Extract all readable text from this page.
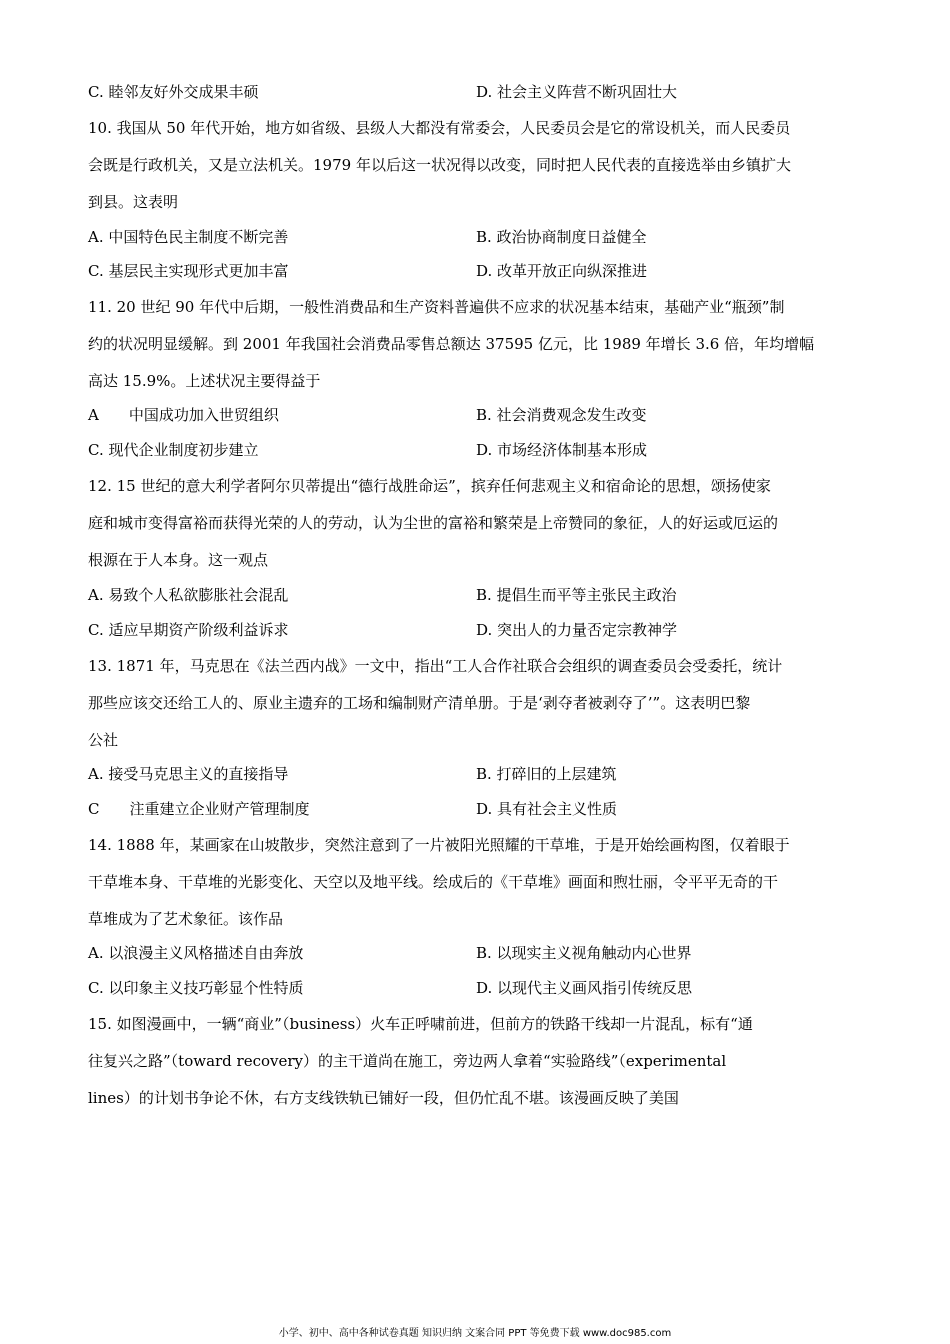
C. 睦邻友好外交成果丰硕	D. 社会主义阵营不断巩固壮大
10. 我国从 50 年代开始，地方如省级、县级人大都没有常委会，人民委员会是它的常设机关，而人民委员
会既是行政机关，又是立法机关。1979 年以后这一状况得以改变，同时把人民代表的直接选举由乡镇扩大
到县。这表明
A. 中国特色民主制度不断完善	B. 政治协商制度日益健全
C. 基层民主实现形式更加丰富	D. 改革开放正向纵深推进
11. 20 世纪 90 年代中后期，一般性消费品和生产资料普遍供不应求的状况基本结束，基础产业“瓶颈”制
约的状况明显缓解。到 2001 年我国社会消费品零售总额达 37595 亿元，比 1989 年增长 3.6 倍，年均增幅
高达 15.9%。上述状况主要得益于
A　　中国成功加入世贸组织	B. 社会消费观念发生改变
C. 现代企业制度初步建立	D. 市场经济体制基本形成
12. 15 世纪的意大利学者阿尔贝蒂提出“德行战胜命运”，摈弃任何悲观主义和宿命论的思想，颂扬使家
庭和城市变得富裕而获得光荣的人的劳动，认为尘世的富裕和繁荣是上帝赞同的象征，人的好运或厄运的
根源在于人本身。这一观点
A. 易致个人私欲膨胀社会混乱	B. 提倡生而平等主张民主政治
C. 适应早期资产阶级利益诉求	D. 突出人的力量否定宗教神学
13. 1871 年，马克思在《法兰西内战》一文中，指出“工人合作社联合会组织的调查委员会受委托，统计
那些应该交还给工人的、原业主遗弃的工场和编制财产清单册。于是‘剥夺者被剥夺了’”。这表明巴黎
公社
A. 接受马克思主义的直接指导	B. 打碎旧的上层建筑
C　　注重建立企业财产管理制度	D. 具有社会主义性质
14. 1888 年，某画家在山坡散步，突然注意到了一片被阳光照耀的干草堆，于是开始绘画构图，仅着眼于
干草堆本身、干草堆的光影变化、天空以及地平线。绘成后的《干草堆》画面和煦壮丽，令平平无奇的干
草堆成为了艺术象征。该作品
A. 以浪漫主义风格描述自由奔放	B. 以现实主义视角触动内心世界
C. 以印象主义技巧彰显个性特质	D. 以现代主义画风指引传统反思
15. 如图漫画中，一辆“商业”（business）火车正呼啸前进，但前方的铁路干线却一片混乱，标有“通
往复兴之路”（toward recovery）的主干道尚在施工，旁边两人拿着“实验路线”（experimental
lines）的计划书争论不休，右方支线铁轨已铺好一段，但仍忙乱不堪。该漫画反映了美国
小学、初中、高中各种试卷真题 知识归纳 文案合同 PPT 等免费下载 www.doc985.com
